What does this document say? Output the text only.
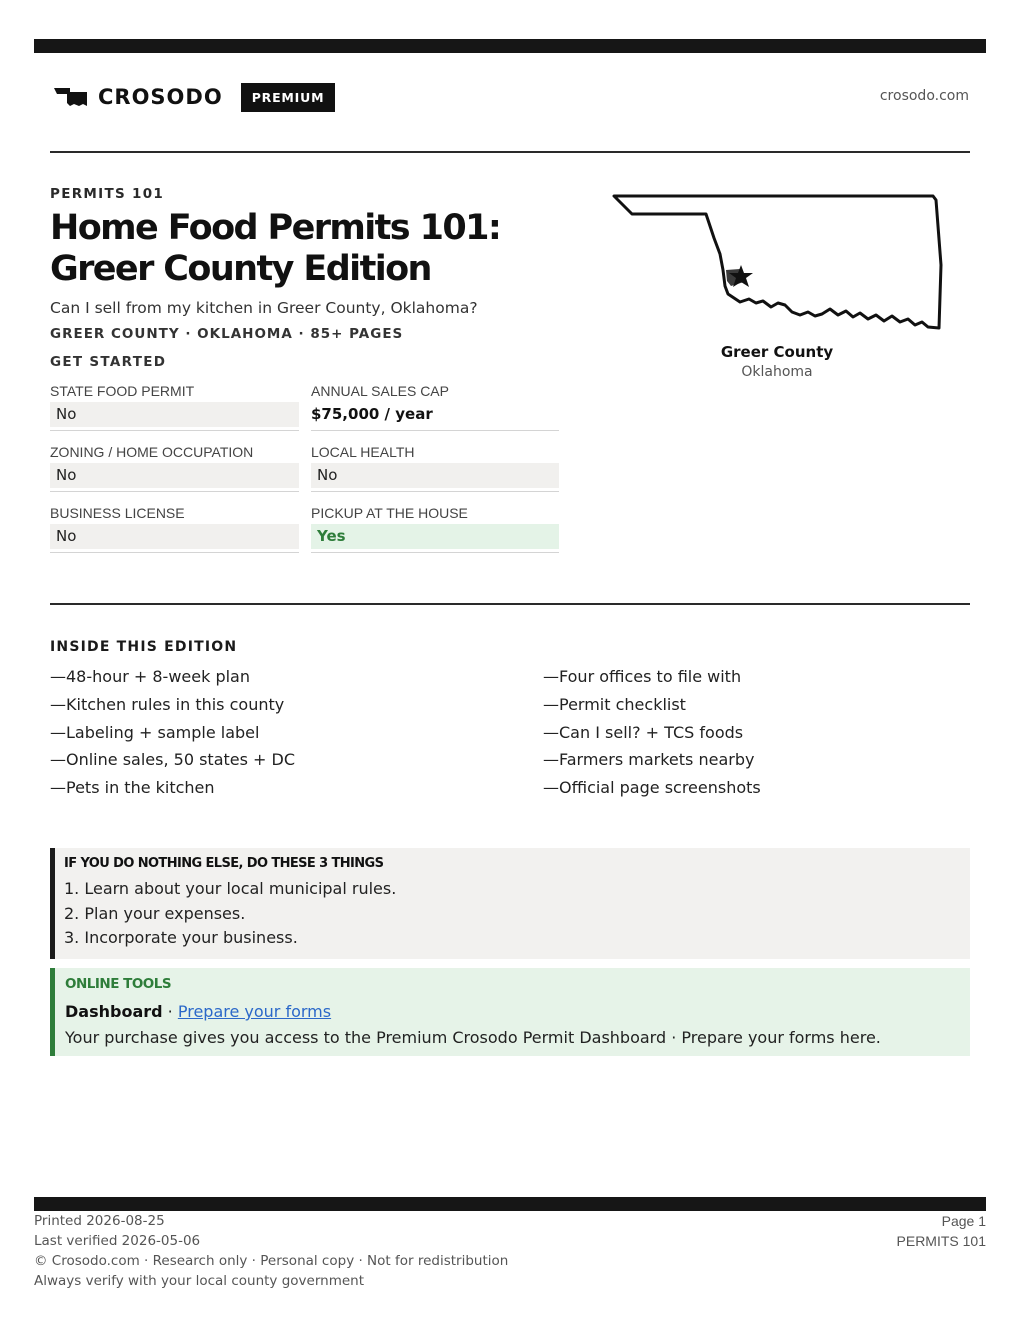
CROSODO	PREMIUM	crosodo.com
PERMITS 101
Home Food Permits 101: Greer County Edition
Can I sell from my kitchen in Greer County, Oklahoma?
GREER COUNTY · OKLAHOMA · 85+ PAGES
GET STARTED
STATE FOOD PERMIT
No
ANNUAL SALES CAP
$75,000 / year
ZONING / HOME OCCUPATION
No
LOCAL HEALTH
No
BUSINESS LICENSE
No
PICKUP AT THE HOUSE
Yes
Greer County
Oklahoma
INSIDE THIS EDITION
—48-hour + 8-week plan
—Kitchen rules in this county
—Labeling + sample label
—Online sales, 50 states + DC
—Pets in the kitchen
—Four offices to file with
—Permit checklist
—Can I sell? + TCS foods
—Farmers markets nearby
—Official page screenshots
IF YOU DO NOTHING ELSE, DO THESE 3 THINGS
1. Learn about your local municipal rules.
2. Plan your expenses.
3. Incorporate your business.
ONLINE TOOLS
Dashboard · Prepare your forms
Your purchase gives you access to the Premium Crosodo Permit Dashboard · Prepare your forms here.
Printed 2026-08-25
Last verified 2026-05-06
© Crosodo.com · Research only · Personal copy · Not for redistribution
Always verify with your local county government
Page 1
PERMITS 101
